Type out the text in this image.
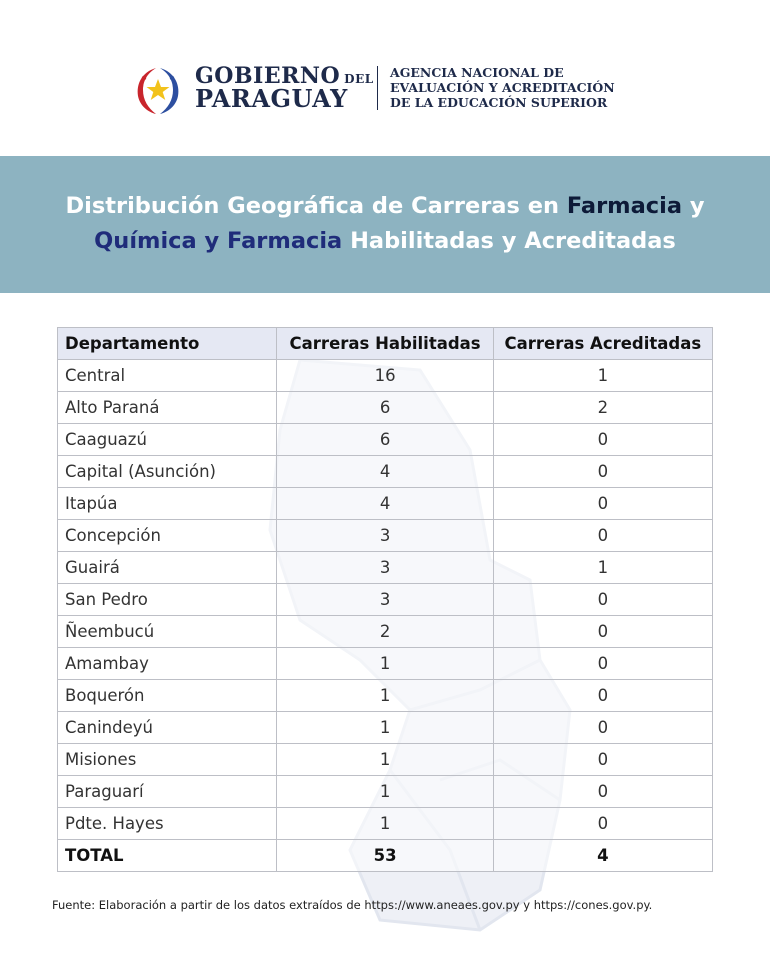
GOBIERNO DEL
PARAGUAY
AGENCIA NACIONAL DE
EVALUACIÓN Y ACREDITACIÓN
DE LA EDUCACIÓN SUPERIOR
Distribución Geográfica de Carreras en Farmacia y
Química y Farmacia Habilitadas y Acreditadas
Departamento	Carreras Habilitadas	Carreras Acreditadas
Central	16	1
Alto Paraná	6	2
Caaguazú	6	0
Capital (Asunción)	4	0
Itapúa	4	0
Concepción	3	0
Guairá	3	1
San Pedro	3	0
Ñeembucú	2	0
Amambay	1	0
Boquerón	1	0
Canindeyú	1	0
Misiones	1	0
Paraguarí	1	0
Pdte. Hayes	1	0
TOTAL	53	4
Fuente: Elaboración a partir de los datos extraídos de https://www.aneaes.gov.py y https://cones.gov.py.
